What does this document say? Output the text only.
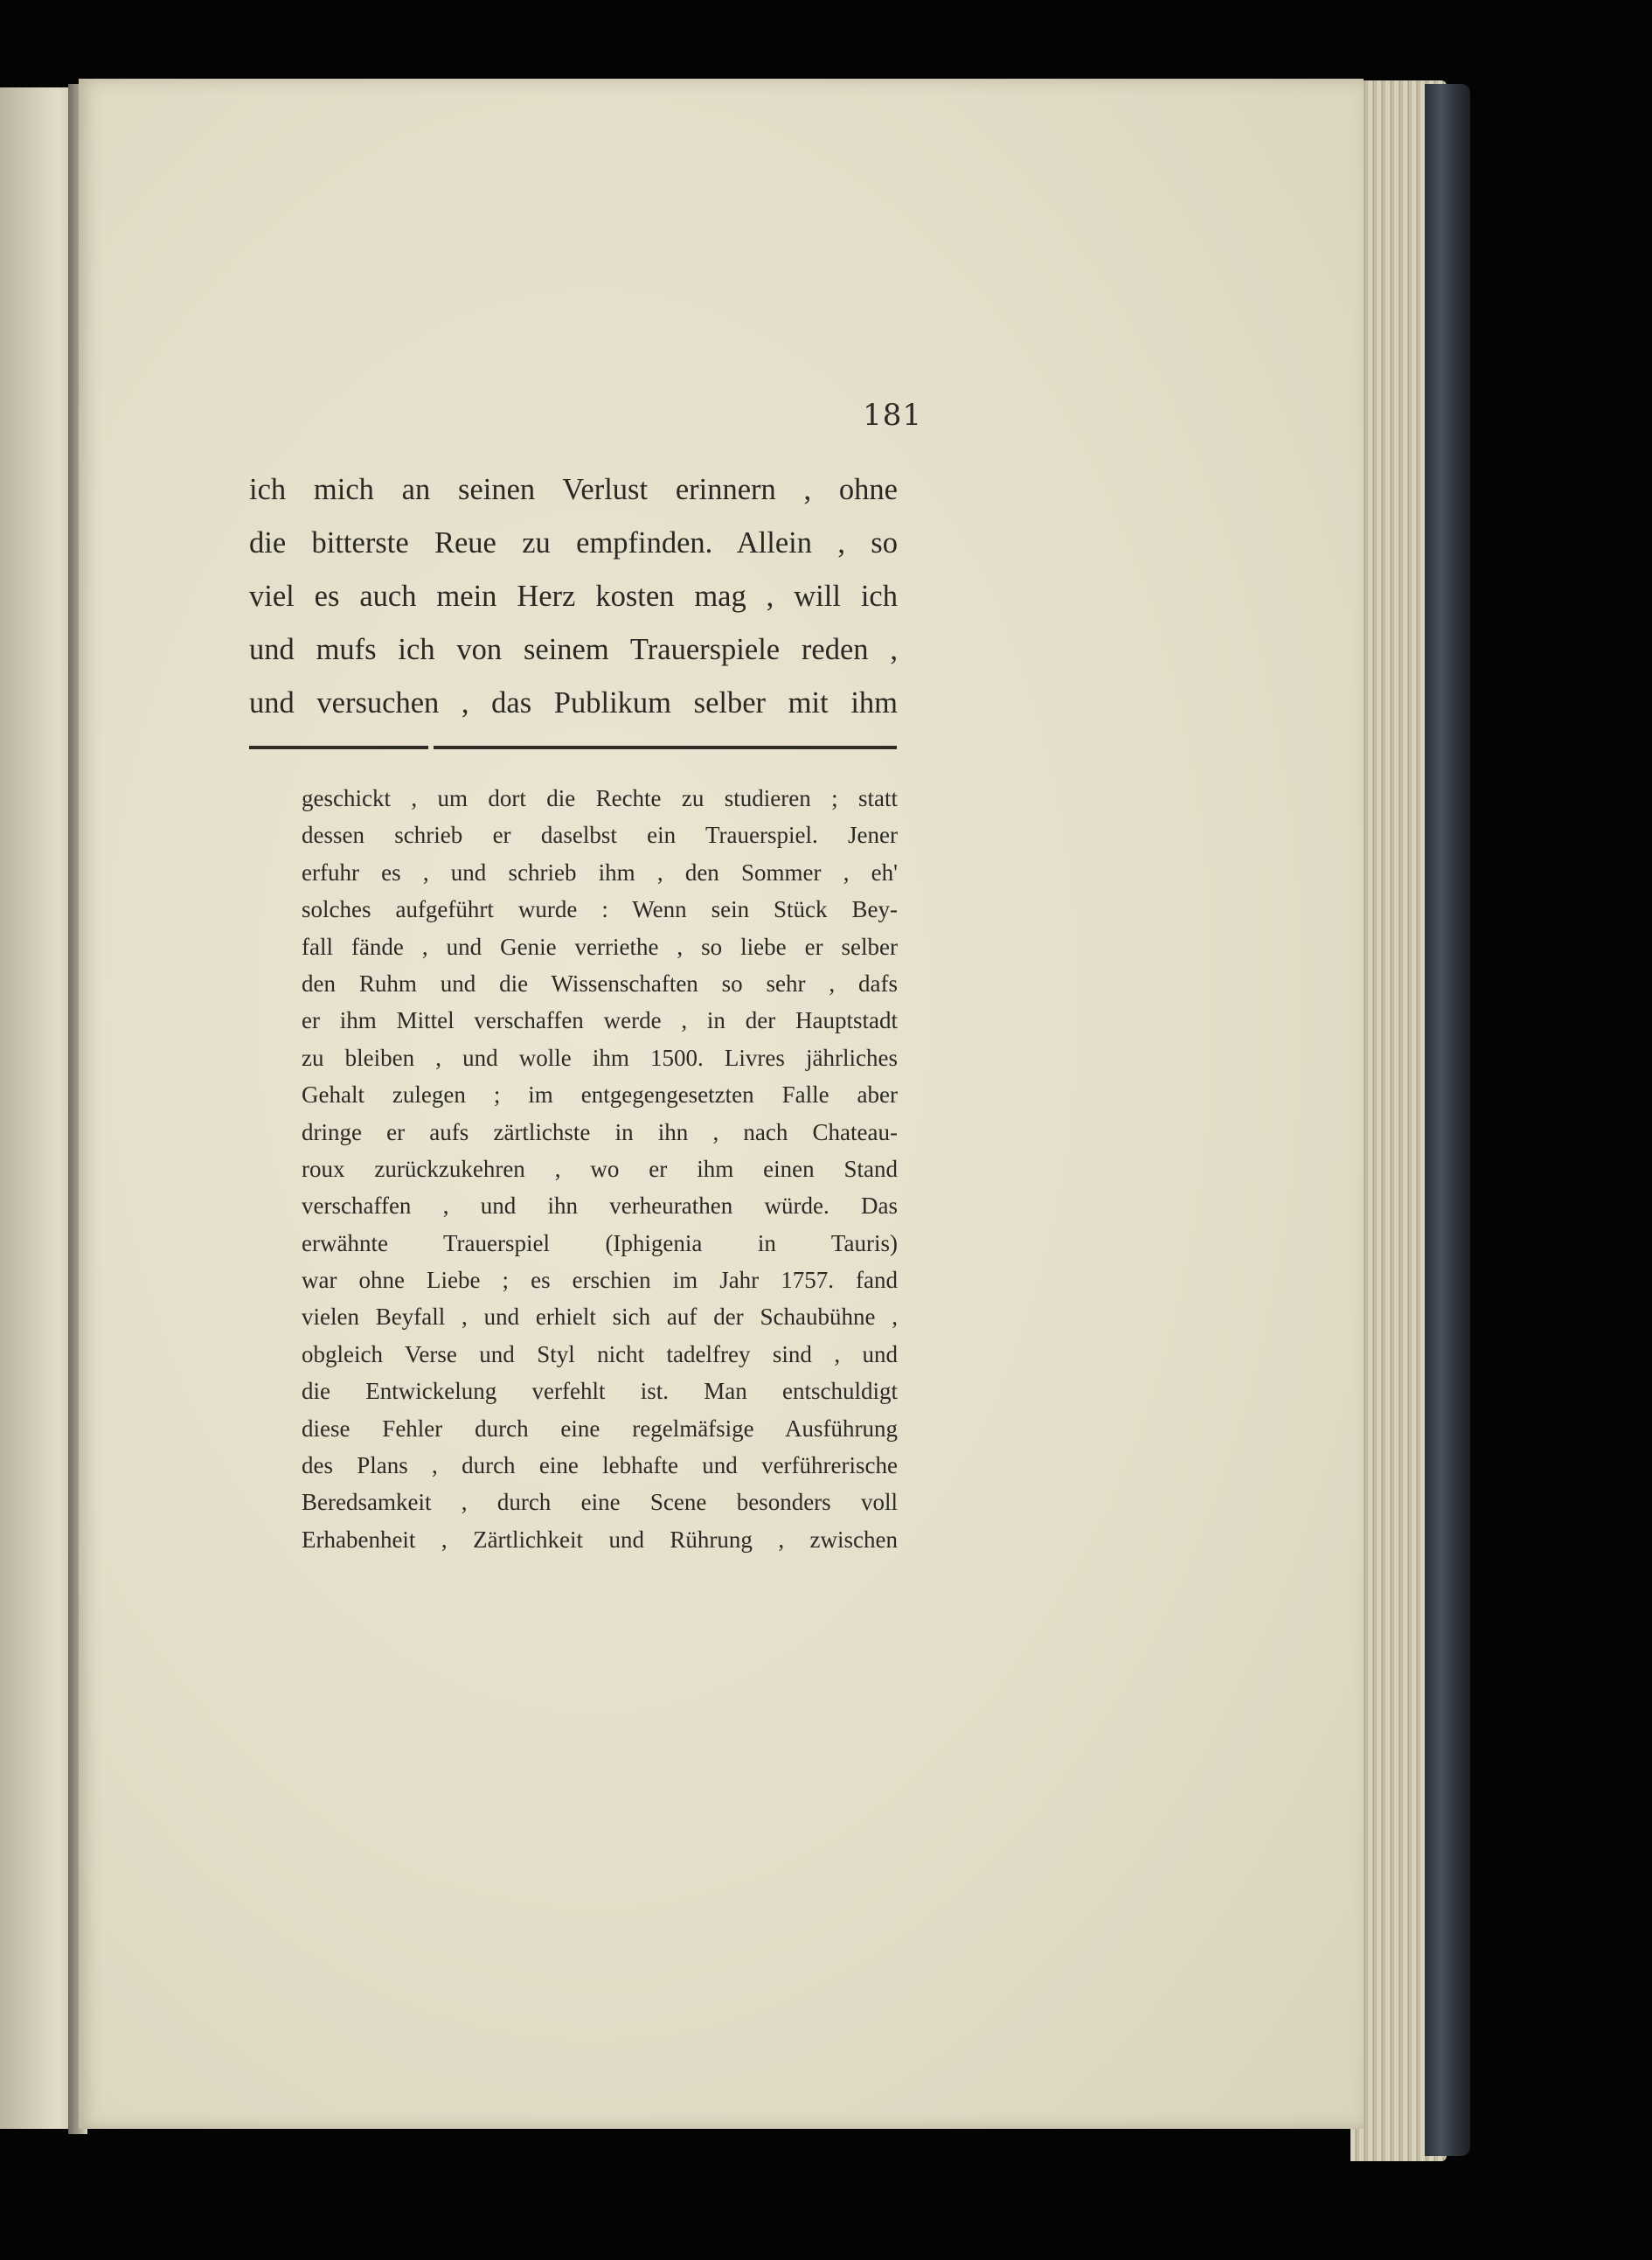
181
ich mich an seinen Verlust erinnern , ohne
die bitterste Reue zu empfinden. Allein , so
viel es auch mein Herz kosten mag , will ich
und mufs ich von seinem Trauerspiele reden ,
und versuchen , das Publikum selber mit ihm
geschickt , um dort die Rechte zu studieren ; statt
dessen schrieb er daselbst ein Trauerspiel. Jener
erfuhr es , und schrieb ihm , den Sommer , eh'
solches aufgeführt wurde : Wenn sein Stück Bey-
fall fände , und Genie verriethe , so liebe er selber
den Ruhm und die Wissenschaften so sehr , dafs
er ihm Mittel verschaffen werde , in der Hauptstadt
zu bleiben , und wolle ihm 1500. Livres jährliches
Gehalt zulegen ; im entgegengesetzten Falle aber
dringe er aufs zärtlichste in ihn , nach Chateau-
roux zurückzukehren , wo er ihm einen Stand
verschaffen , und ihn verheurathen würde. Das
erwähnte Trauerspiel (Iphigenia in Tauris)
war ohne Liebe ; es erschien im Jahr 1757. fand
vielen Beyfall , und erhielt sich auf der Schaubühne ,
obgleich Verse und Styl nicht tadelfrey sind , und
die Entwickelung verfehlt ist. Man entschuldigt
diese Fehler durch eine regelmäfsige Ausführung
des Plans , durch eine lebhafte und verführerische
Beredsamkeit , durch eine Scene besonders voll
Erhabenheit , Zärtlichkeit und Rührung , zwischen
